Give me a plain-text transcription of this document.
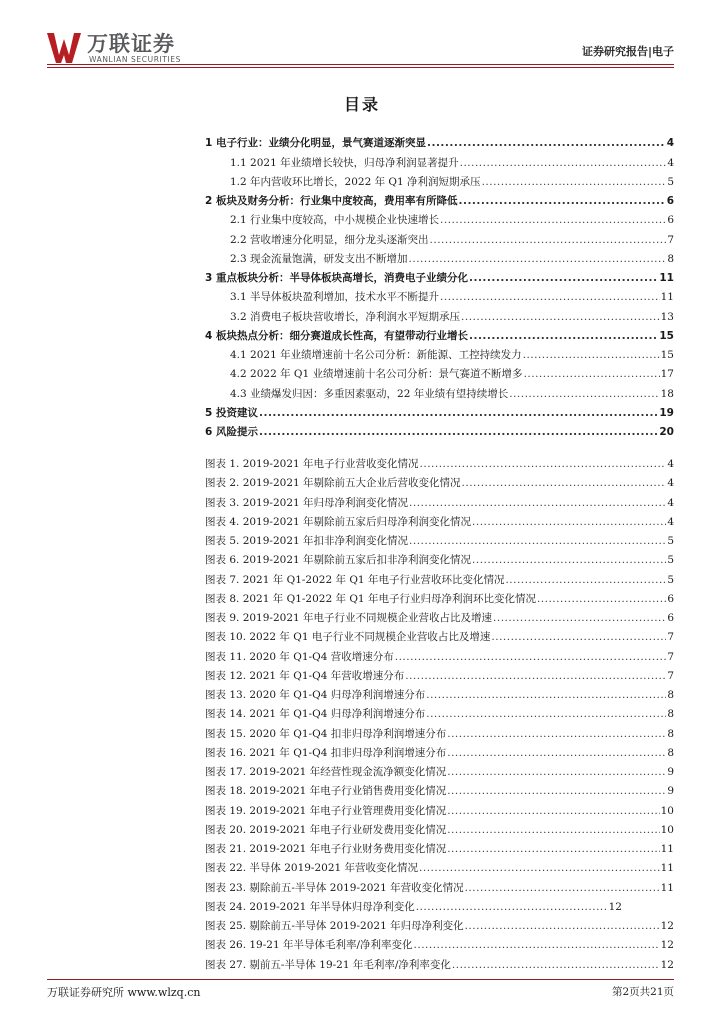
万联证券
WANLIAN SECURITIES
证券研究报告|电子
目录
1 电子行业：业绩分化明显，景气赛道逐渐突显 .....	4
1.1 2021 年业绩增长较快，归母净利润显著提升 .....	4
1.2 年内营收环比增长，2022 年 Q1 净利润短期承压 .....	5
2 板块及财务分析：行业集中度较高，费用率有所降低 .....	6
2.1 行业集中度较高，中小规模企业快速增长 .....	6
2.2 营收增速分化明显，细分龙头逐渐突出 .....	7
2.3 现金流量饱满，研发支出不断增加 .....	8
3 重点板块分析：半导体板块高增长，消费电子业绩分化 .....	11
3.1 半导体板块盈利增加，技术水平不断提升 .....	11
3.2 消费电子板块营收增长，净利润水平短期承压 .....	13
4 板块热点分析：细分赛道成长性高，有望带动行业增长 .....	15
4.1 2021 年业绩增速前十名公司分析：新能源、工控持续发力 .....	15
4.2 2022 年 Q1 业绩增速前十名公司分析：景气赛道不断增多 .....	17
4.3 业绩爆发归因：多重因素驱动，22 年业绩有望持续增长 .....	18
5 投资建议 .....	19
6 风险提示 .....	20
图表 1. 2019-2021 年电子行业营收变化情况 .....	4
图表 2. 2019-2021 年剔除前五大企业后营收变化情况 .....	4
图表 3. 2019-2021 年归母净利润变化情况 .....	4
图表 4. 2019-2021 年剔除前五家后归母净利润变化情况 .....	4
图表 5. 2019-2021 年扣非净利润变化情况 .....	5
图表 6. 2019-2021 年剔除前五家后扣非净利润变化情况 .....	5
图表 7. 2021 年 Q1-2022 年 Q1 年电子行业营收环比变化情况 .....	5
图表 8. 2021 年 Q1-2022 年 Q1 年电子行业归母净利润环比变化情况 .....	6
图表 9. 2019-2021 年电子行业不同规模企业营收占比及增速 .....	6
图表 10. 2022 年 Q1 电子行业不同规模企业营收占比及增速 .....	7
图表 11. 2020 年 Q1-Q4 营收增速分布 .....	7
图表 12. 2021 年 Q1-Q4 年营收增速分布 .....	7
图表 13. 2020 年 Q1-Q4 归母净利润增速分布 .....	8
图表 14. 2021 年 Q1-Q4 归母净利润增速分布 .....	8
图表 15. 2020 年 Q1-Q4 扣非归母净利润增速分布 .....	8
图表 16. 2021 年 Q1-Q4 扣非归母净利润增速分布 .....	8
图表 17. 2019-2021 年经营性现金流净额变化情况 .....	9
图表 18. 2019-2021 年电子行业销售费用变化情况 .....	9
图表 19. 2019-2021 年电子行业管理费用变化情况 .....	10
图表 20. 2019-2021 年电子行业研发费用变化情况 .....	10
图表 21. 2019-2021 年电子行业财务费用变化情况 .....	11
图表 22. 半导体 2019-2021 年营收变化情况 .....	11
图表 23. 剔除前五-半导体 2019-2021 年营收变化情况 .....	11
图表 24. 2019-2021 年半导体归母净利变化 .....	12
图表 25. 剔除前五-半导体 2019-2021 年归母净利变化 .....	12
图表 26. 19-21 年半导体毛利率/净利率变化 .....	12
图表 27. 剔前五-半导体 19-21 年毛利率/净利率变化 .....	12
万联证券研究所 www.wlzq.cn	第2页共21页
